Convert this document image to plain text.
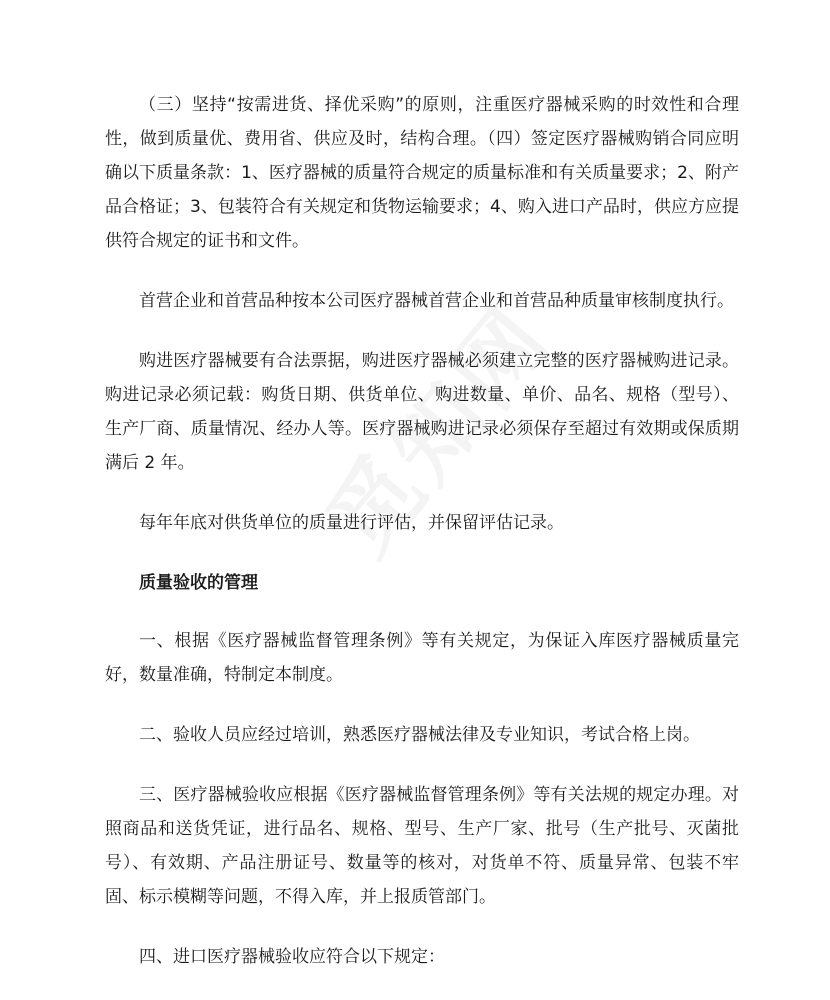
（三）坚持“按需进货、择优采购”的原则，注重医疗器械采购的时效性和合理性，做到质量优、费用省、供应及时，结构合理。（四）签定医疗器械购销合同应明确以下质量条款：1、医疗器械的质量符合规定的质量标准和有关质量要求；2、附产品合格证；3、包装符合有关规定和货物运输要求；4、购入进口产品时，供应方应提供符合规定的证书和文件。

首营企业和首营品种按本公司医疗器械首营企业和首营品种质量审核制度执行。

购进医疗器械要有合法票据，购进医疗器械必须建立完整的医疗器械购进记录。购进记录必须记载：购货日期、供货单位、购进数量、单价、品名、规格（型号）、生产厂商、质量情况、经办人等。医疗器械购进记录必须保存至超过有效期或保质期满后 2 年。

每年年底对供货单位的质量进行评估，并保留评估记录。

质量验收的管理

一、根据《医疗器械监督管理条例》等有关规定，为保证入库医疗器械质量完好，数量准确，特制定本制度。

二、验收人员应经过培训，熟悉医疗器械法律及专业知识，考试合格上岗。

三、医疗器械验收应根据《医疗器械监督管理条例》等有关法规的规定办理。对照商品和送货凭证，进行品名、规格、型号、生产厂家、批号（生产批号、灭菌批号）、有效期、产品注册证号、数量等的核对，对货单不符、质量异常、包装不牢固、标示模糊等问题，不得入库，并上报质管部门。

四、进口医疗器械验收应符合以下规定：
